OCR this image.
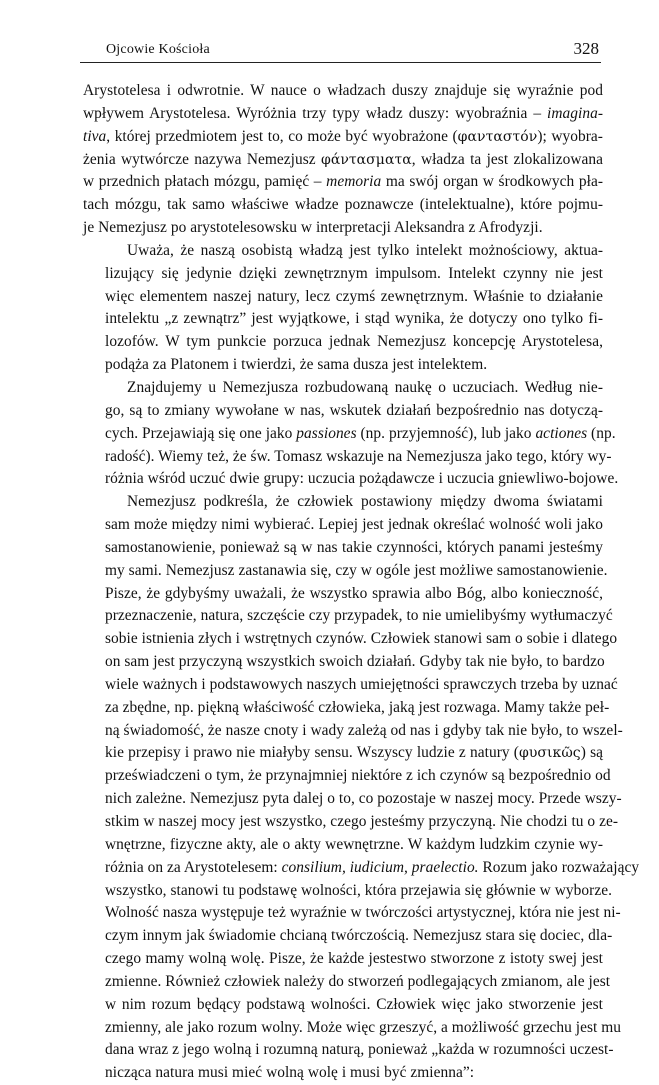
Ojcowie Kościoła	328

Arystotelesa i odwrotnie. W nauce o władzach duszy znajduje się wyraźnie pod
wpływem Arystotelesa. Wyróżnia trzy typy władz duszy: wyobraźnia – imagina-
tiva, której przedmiotem jest to, co może być wyobrażone (φανταστόν); wyobra-
żenia wytwórcze nazywa Nemezjusz φάντασματα, władza ta jest zlokalizowana
w przednich płatach mózgu, pamięć – memoria ma swój organ w środkowych pła-
tach mózgu, tak samo właściwe władze poznawcze (intelektualne), które pojmu-
je Nemezjusz po arystotelesowsku w interpretacji Aleksandra z Afrodyzji.

Uważa, że naszą osobistą władzą jest tylko intelekt możnościowy, aktua-
lizujący się jedynie dzięki zewnętrznym impulsom. Intelekt czynny nie jest
więc elementem naszej natury, lecz czymś zewnętrznym. Właśnie to działanie
intelektu „z zewnątrz” jest wyjątkowe, i stąd wynika, że dotyczy ono tylko fi-
lozofów. W tym punkcie porzuca jednak Nemezjusz koncepcję Arystotelesa,
podąża za Platonem i twierdzi, że sama dusza jest intelektem.

Znajdujemy u Nemezjusza rozbudowaną naukę o uczuciach. Według nie-
go, są to zmiany wywołane w nas, wskutek działań bezpośrednio nas dotyczą-
cych. Przejawiają się one jako passiones (np. przyjemność), lub jako actiones (np.
radość). Wiemy też, że św. Tomasz wskazuje na Nemezjusza jako tego, który wy-
różnia wśród uczuć dwie grupy: uczucia pożądawcze i uczucia gniewliwo-bojowe.

Nemezjusz podkreśla, że człowiek postawiony między dwoma światami
sam może między nimi wybierać. Lepiej jest jednak określać wolność woli jako
samostanowienie, ponieważ są w nas takie czynności, których panami jesteśmy
my sami. Nemezjusz zastanawia się, czy w ogóle jest możliwe samostanowienie.
Pisze, że gdybyśmy uważali, że wszystko sprawia albo Bóg, albo konieczność,
przeznaczenie, natura, szczęście czy przypadek, to nie umielibyśmy wytłumaczyć
sobie istnienia złych i wstrętnych czynów. Człowiek stanowi sam o sobie i dlatego
on sam jest przyczyną wszystkich swoich działań. Gdyby tak nie było, to bardzo
wiele ważnych i podstawowych naszych umiejętności sprawczych trzeba by uznać
za zbędne, np. piękną właściwość człowieka, jaką jest rozwaga. Mamy także peł-
ną świadomość, że nasze cnoty i wady zależą od nas i gdyby tak nie było, to wszel-
kie przepisy i prawo nie miałyby sensu. Wszyscy ludzie z natury (φυσικῶς) są
przeświadczeni o tym, że przynajmniej niektóre z ich czynów są bezpośrednio od
nich zależne. Nemezjusz pyta dalej o to, co pozostaje w naszej mocy. Przede wszy-
stkim w naszej mocy jest wszystko, czego jesteśmy przyczyną. Nie chodzi tu o ze-
wnętrzne, fizyczne akty, ale o akty wewnętrzne. W każdym ludzkim czynie wy-
różnia on za Arystotelesem: consilium, iudicium, praelectio. Rozum jako rozważający
wszystko, stanowi tu podstawę wolności, która przejawia się głównie w wyborze.
Wolność nasza występuje też wyraźnie w twórczości artystycznej, która nie jest ni-
czym innym jak świadomie chcianą twórczością. Nemezjusz stara się dociec, dla-
czego mamy wolną wolę. Pisze, że każde jestestwo stworzone z istoty swej jest
zmienne. Również człowiek należy do stworzeń podlegających zmianom, ale jest
w nim rozum będący podstawą wolności. Człowiek więc jako stworzenie jest
zmienny, ale jako rozum wolny. Może więc grzeszyć, a możliwość grzechu jest mu
dana wraz z jego wolną i rozumną naturą, ponieważ „każda w rozumności uczest-
nicząca natura musi mieć wolną wolę i musi być zmienna”:
